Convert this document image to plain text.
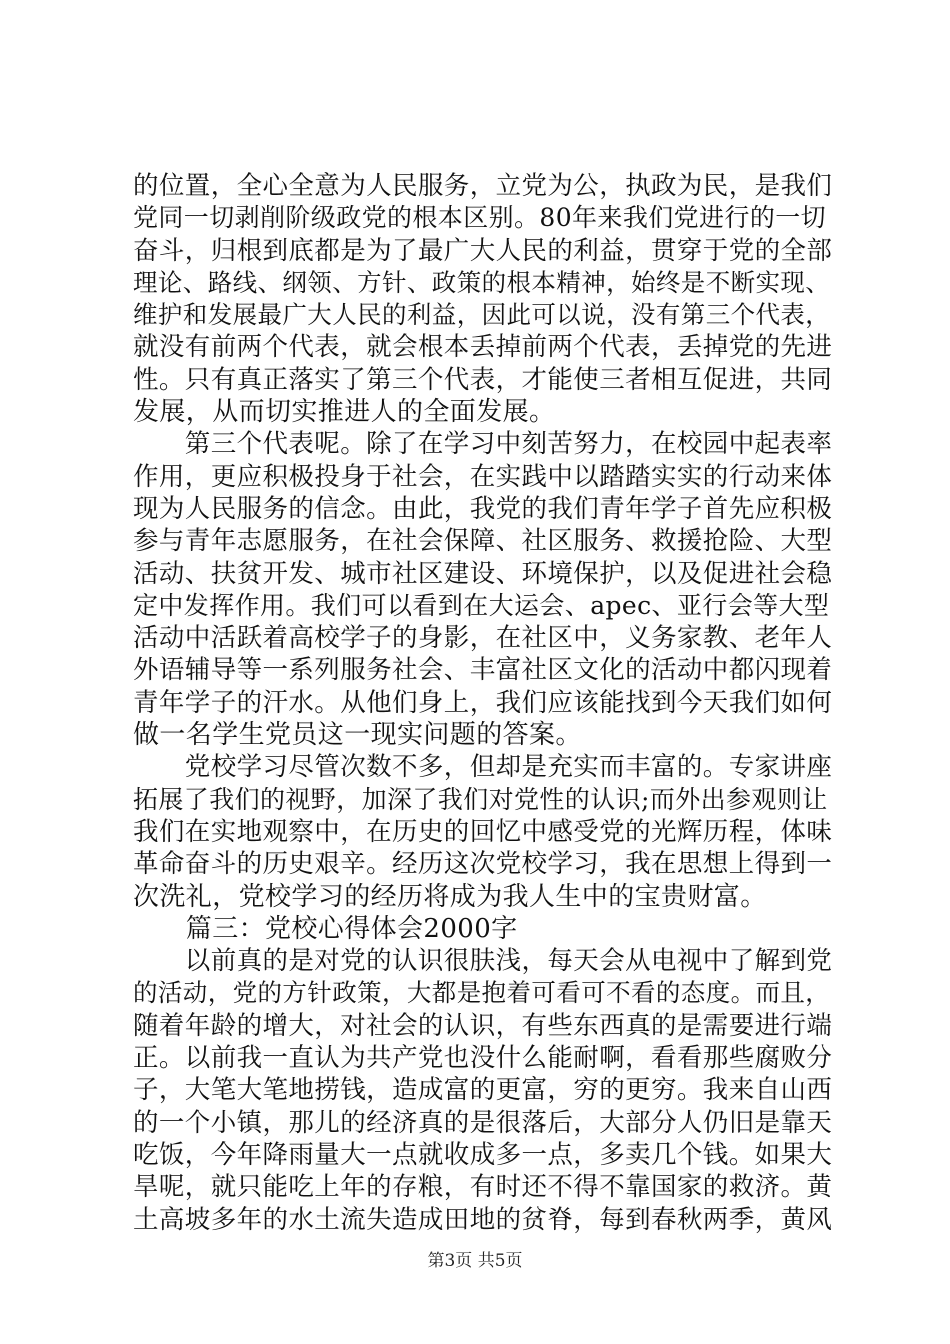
的位置，全心全意为人民服务，立党为公，执政为民，是我们
党同一切剥削阶级政党的根本区别。80年来我们党进行的一切
奋斗，归根到底都是为了最广大人民的利益，贯穿于党的全部
理论、路线、纲领、方针、政策的根本精神，始终是不断实现、
维护和发展最广大人民的利益，因此可以说，没有第三个代表，
就没有前两个代表，就会根本丢掉前两个代表，丢掉党的先进
性。只有真正落实了第三个代表，才能使三者相互促进，共同
发展，从而切实推进人的全面发展。
　　第三个代表呢。除了在学习中刻苦努力，在校园中起表率
作用，更应积极投身于社会，在实践中以踏踏实实的行动来体
现为人民服务的信念。由此，我党的我们青年学子首先应积极
参与青年志愿服务，在社会保障、社区服务、救援抢险、大型
活动、扶贫开发、城市社区建设、环境保护，以及促进社会稳
定中发挥作用。我们可以看到在大运会、apec、亚行会等大型
活动中活跃着高校学子的身影，在社区中，义务家教、老年人
外语辅导等一系列服务社会、丰富社区文化的活动中都闪现着
青年学子的汗水。从他们身上，我们应该能找到今天我们如何
做一名学生党员这一现实问题的答案。
　　党校学习尽管次数不多，但却是充实而丰富的。专家讲座
拓展了我们的视野，加深了我们对党性的认识;而外出参观则让
我们在实地观察中，在历史的回忆中感受党的光辉历程，体味
革命奋斗的历史艰辛。经历这次党校学习，我在思想上得到一
次洗礼，党校学习的经历将成为我人生中的宝贵财富。
　　篇三：党校心得体会2000字
　　以前真的是对党的认识很肤浅，每天会从电视中了解到党
的活动，党的方针政策，大都是抱着可看可不看的态度。而且，
随着年龄的增大，对社会的认识，有些东西真的是需要进行端
正。以前我一直认为共产党也没什么能耐啊，看看那些腐败分
子，大笔大笔地捞钱，造成富的更富，穷的更穷。我来自山西
的一个小镇，那儿的经济真的是很落后，大部分人仍旧是靠天
吃饭，今年降雨量大一点就收成多一点，多卖几个钱。如果大
旱呢，就只能吃上年的存粮，有时还不得不靠国家的救济。黄
土高坡多年的水土流失造成田地的贫脊，每到春秋两季，黄风
第3页 共5页
